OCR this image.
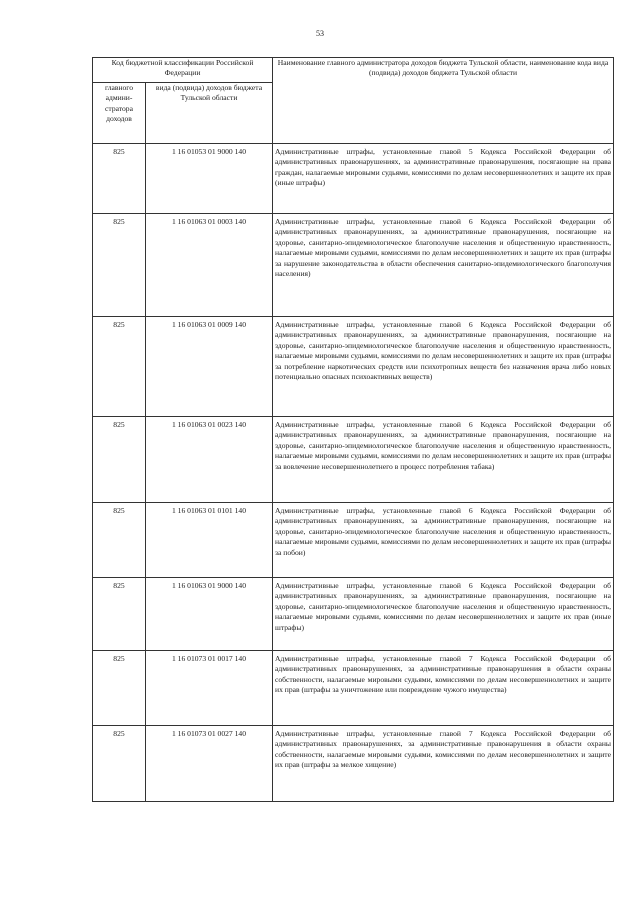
53
Код бюджетной классификации Российской Федерации		Наименование главного администратора доходов бюджета Тульской области, наименование кода вида (подвида) доходов бюджета Тульской области
главного админи-стратора доходов	вида (подвида) доходов бюджета Тульской области	
825	1 16 01053 01 9000 140	Административные штрафы, установленные главой 5 Кодекса Российской Федерации об административных правонарушениях, за административные правонарушения, посягающие на права граждан, налагаемые мировыми судьями, комиссиями по делам несовершеннолетних и защите их прав (иные штрафы)
825	1 16 01063 01 0003 140	Административные штрафы, установленные главой 6 Кодекса Российской Федерации об административных правонарушениях, за административные правонарушения, посягающие на здоровье, санитарно-эпидемиологическое благополучие населения и общественную нравственность, налагаемые мировыми судьями, комиссиями по делам несовершеннолетних и защите их прав (штрафы за нарушение законодательства в области обеспечения санитарно-эпидемиологического благополучия населения)
825	1 16 01063 01 0009 140	Административные штрафы, установленные главой 6 Кодекса Российской Федерации об административных правонарушениях, за административные правонарушения, посягающие на здоровье, санитарно-эпидемиологическое благополучие населения и общественную нравственность, налагаемые мировыми судьями, комиссиями по делам несовершеннолетних и защите их прав (штрафы за потребление наркотических средств или психотропных веществ без назначения врача либо новых потенциально опасных психоактивных веществ)
825	1 16 01063 01 0023 140	Административные штрафы, установленные главой 6 Кодекса Российской Федерации об административных правонарушениях, за административные правонарушения, посягающие на здоровье, санитарно-эпидемиологическое благополучие населения и общественную нравственность, налагаемые мировыми судьями, комиссиями по делам несовершеннолетних и защите их прав (штрафы за вовлечение несовершеннолетнего в процесс потребления табака)
825	1 16 01063 01 0101 140	Административные штрафы, установленные главой 6 Кодекса Российской Федерации об административных правонарушениях, за административные правонарушения, посягающие на здоровье, санитарно-эпидемиологическое благополучие населения и общественную нравственность, налагаемые мировыми судьями, комиссиями по делам несовершеннолетних и защите их прав (штрафы за побои)
825	1 16 01063 01 9000 140	Административные штрафы, установленные главой 6 Кодекса Российской Федерации об административных правонарушениях, за административные правонарушения, посягающие на здоровье, санитарно-эпидемиологическое благополучие населения и общественную нравственность, налагаемые мировыми судьями, комиссиями по делам несовершеннолетних и защите их прав (иные штрафы)
825	1 16 01073 01 0017 140	Административные штрафы, установленные главой 7 Кодекса Российской Федерации об административных правонарушениях, за административные правонарушения в области охраны собственности, налагаемые мировыми судьями, комиссиями по делам несовершеннолетних и защите их прав (штрафы за уничтожение или повреждение чужого имущества)
825	1 16 01073 01 0027 140	Административные штрафы, установленные главой 7 Кодекса Российской Федерации об административных правонарушениях, за административные правонарушения в области охраны собственности, налагаемые мировыми судьями, комиссиями по делам несовершеннолетних и защите их прав (штрафы за мелкое хищение)
